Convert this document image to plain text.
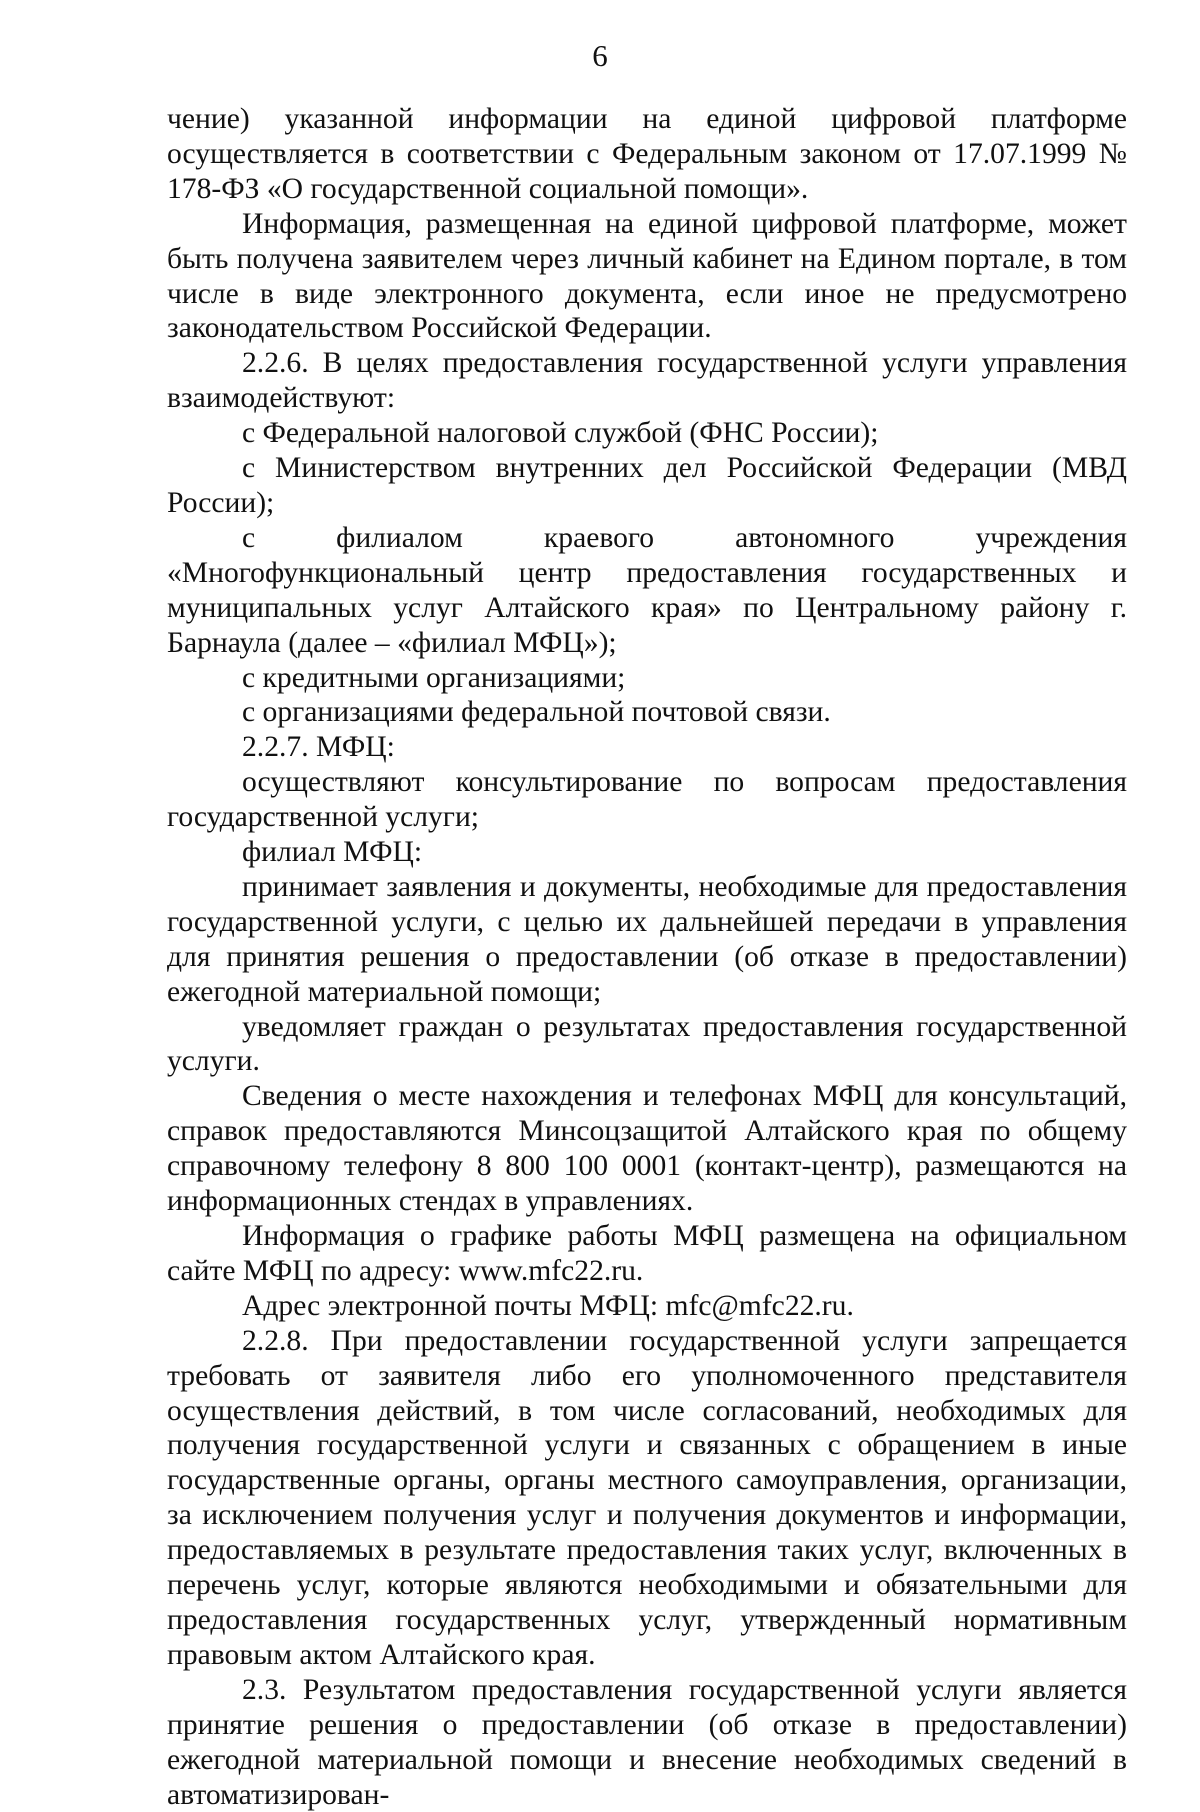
6

чение) указанной информации на единой цифровой платформе осуществляется в соответствии с Федеральным законом от 17.07.1999 № 178-ФЗ «О государственной социальной помощи».

Информация, размещенная на единой цифровой платформе, может быть получена заявителем через личный кабинет на Едином портале, в том числе в виде электронного документа, если иное не предусмотрено законодательством Российской Федерации.

2.2.6. В целях предоставления государственной услуги управления взаимодействуют:

с Федеральной налоговой службой (ФНС России);

с Министерством внутренних дел Российской Федерации (МВД России);

с филиалом краевого автономного учреждения «Многофункциональный центр предоставления государственных и муниципальных услуг Алтайского края» по Центральному району г. Барнаула (далее – «филиал МФЦ»);

с кредитными организациями;

с организациями федеральной почтовой связи.

2.2.7. МФЦ:

осуществляют консультирование по вопросам предоставления государственной услуги;

филиал МФЦ:

принимает заявления и документы, необходимые для предоставления государственной услуги, с целью их дальнейшей передачи в управления для принятия решения о предоставлении (об отказе в предоставлении) ежегодной материальной помощи;

уведомляет граждан о результатах предоставления государственной услуги.

Сведения о месте нахождения и телефонах МФЦ для консультаций, справок предоставляются Минсоцзащитой Алтайского края по общему справочному телефону 8 800 100 0001 (контакт-центр), размещаются на информационных стендах в управлениях.

Информация о графике работы МФЦ размещена на официальном сайте МФЦ по адресу: www.mfc22.ru.

Адрес электронной почты МФЦ: mfc@mfc22.ru.

2.2.8. При предоставлении государственной услуги запрещается требовать от заявителя либо его уполномоченного представителя осуществления действий, в том числе согласований, необходимых для получения государственной услуги и связанных с обращением в иные государственные органы, органы местного самоуправления, организации, за исключением получения услуг и получения документов и информации, предоставляемых в результате предоставления таких услуг, включенных в перечень услуг, которые являются необходимыми и обязательными для предоставления государственных услуг, утвержденный нормативным правовым актом Алтайского края.

2.3. Результатом предоставления государственной услуги является принятие решения о предоставлении (об отказе в предоставлении) ежегодной материальной помощи и внесение необходимых сведений в автоматизирован-
